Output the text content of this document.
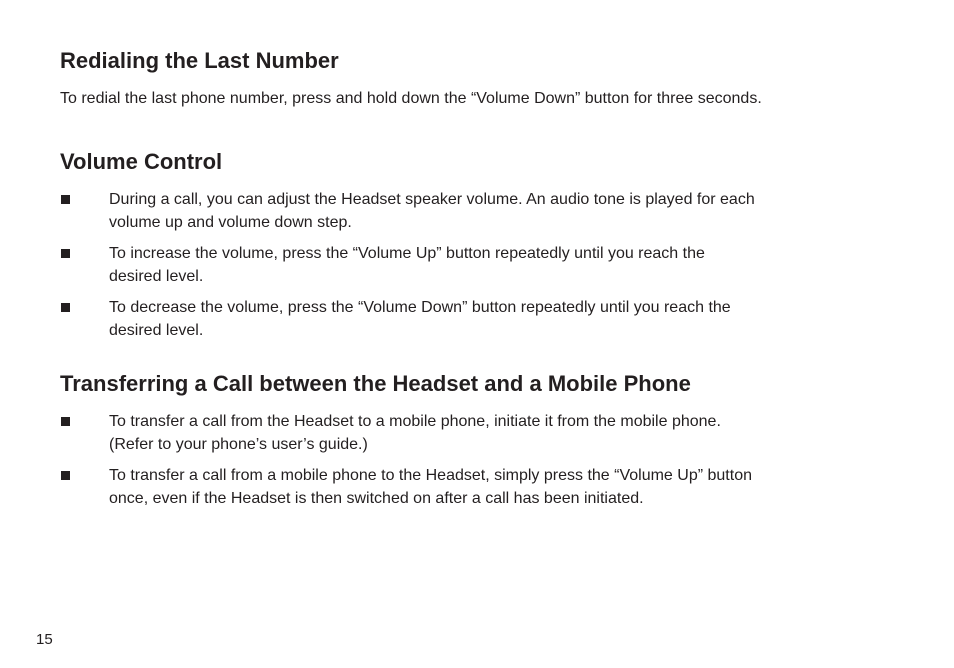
Redialing the Last Number

To redial the last phone number, press and hold down the “Volume Down” button for three seconds.

Volume Control

During a call, you can adjust the Headset speaker volume. An audio tone is played for each
volume up and volume down step.

To increase the volume, press the “Volume Up” button repeatedly until you reach the
desired level.

To decrease the volume, press the “Volume Down” button repeatedly until you reach the
desired level.

Transferring a Call between the Headset and a Mobile Phone

To transfer a call from the Headset to a mobile phone, initiate it from the mobile phone.
(Refer to your phone’s user’s guide.)

To transfer a call from a mobile phone to the Headset, simply press the “Volume Up” button
once, even if the Headset is then switched on after a call has been initiated.

15
